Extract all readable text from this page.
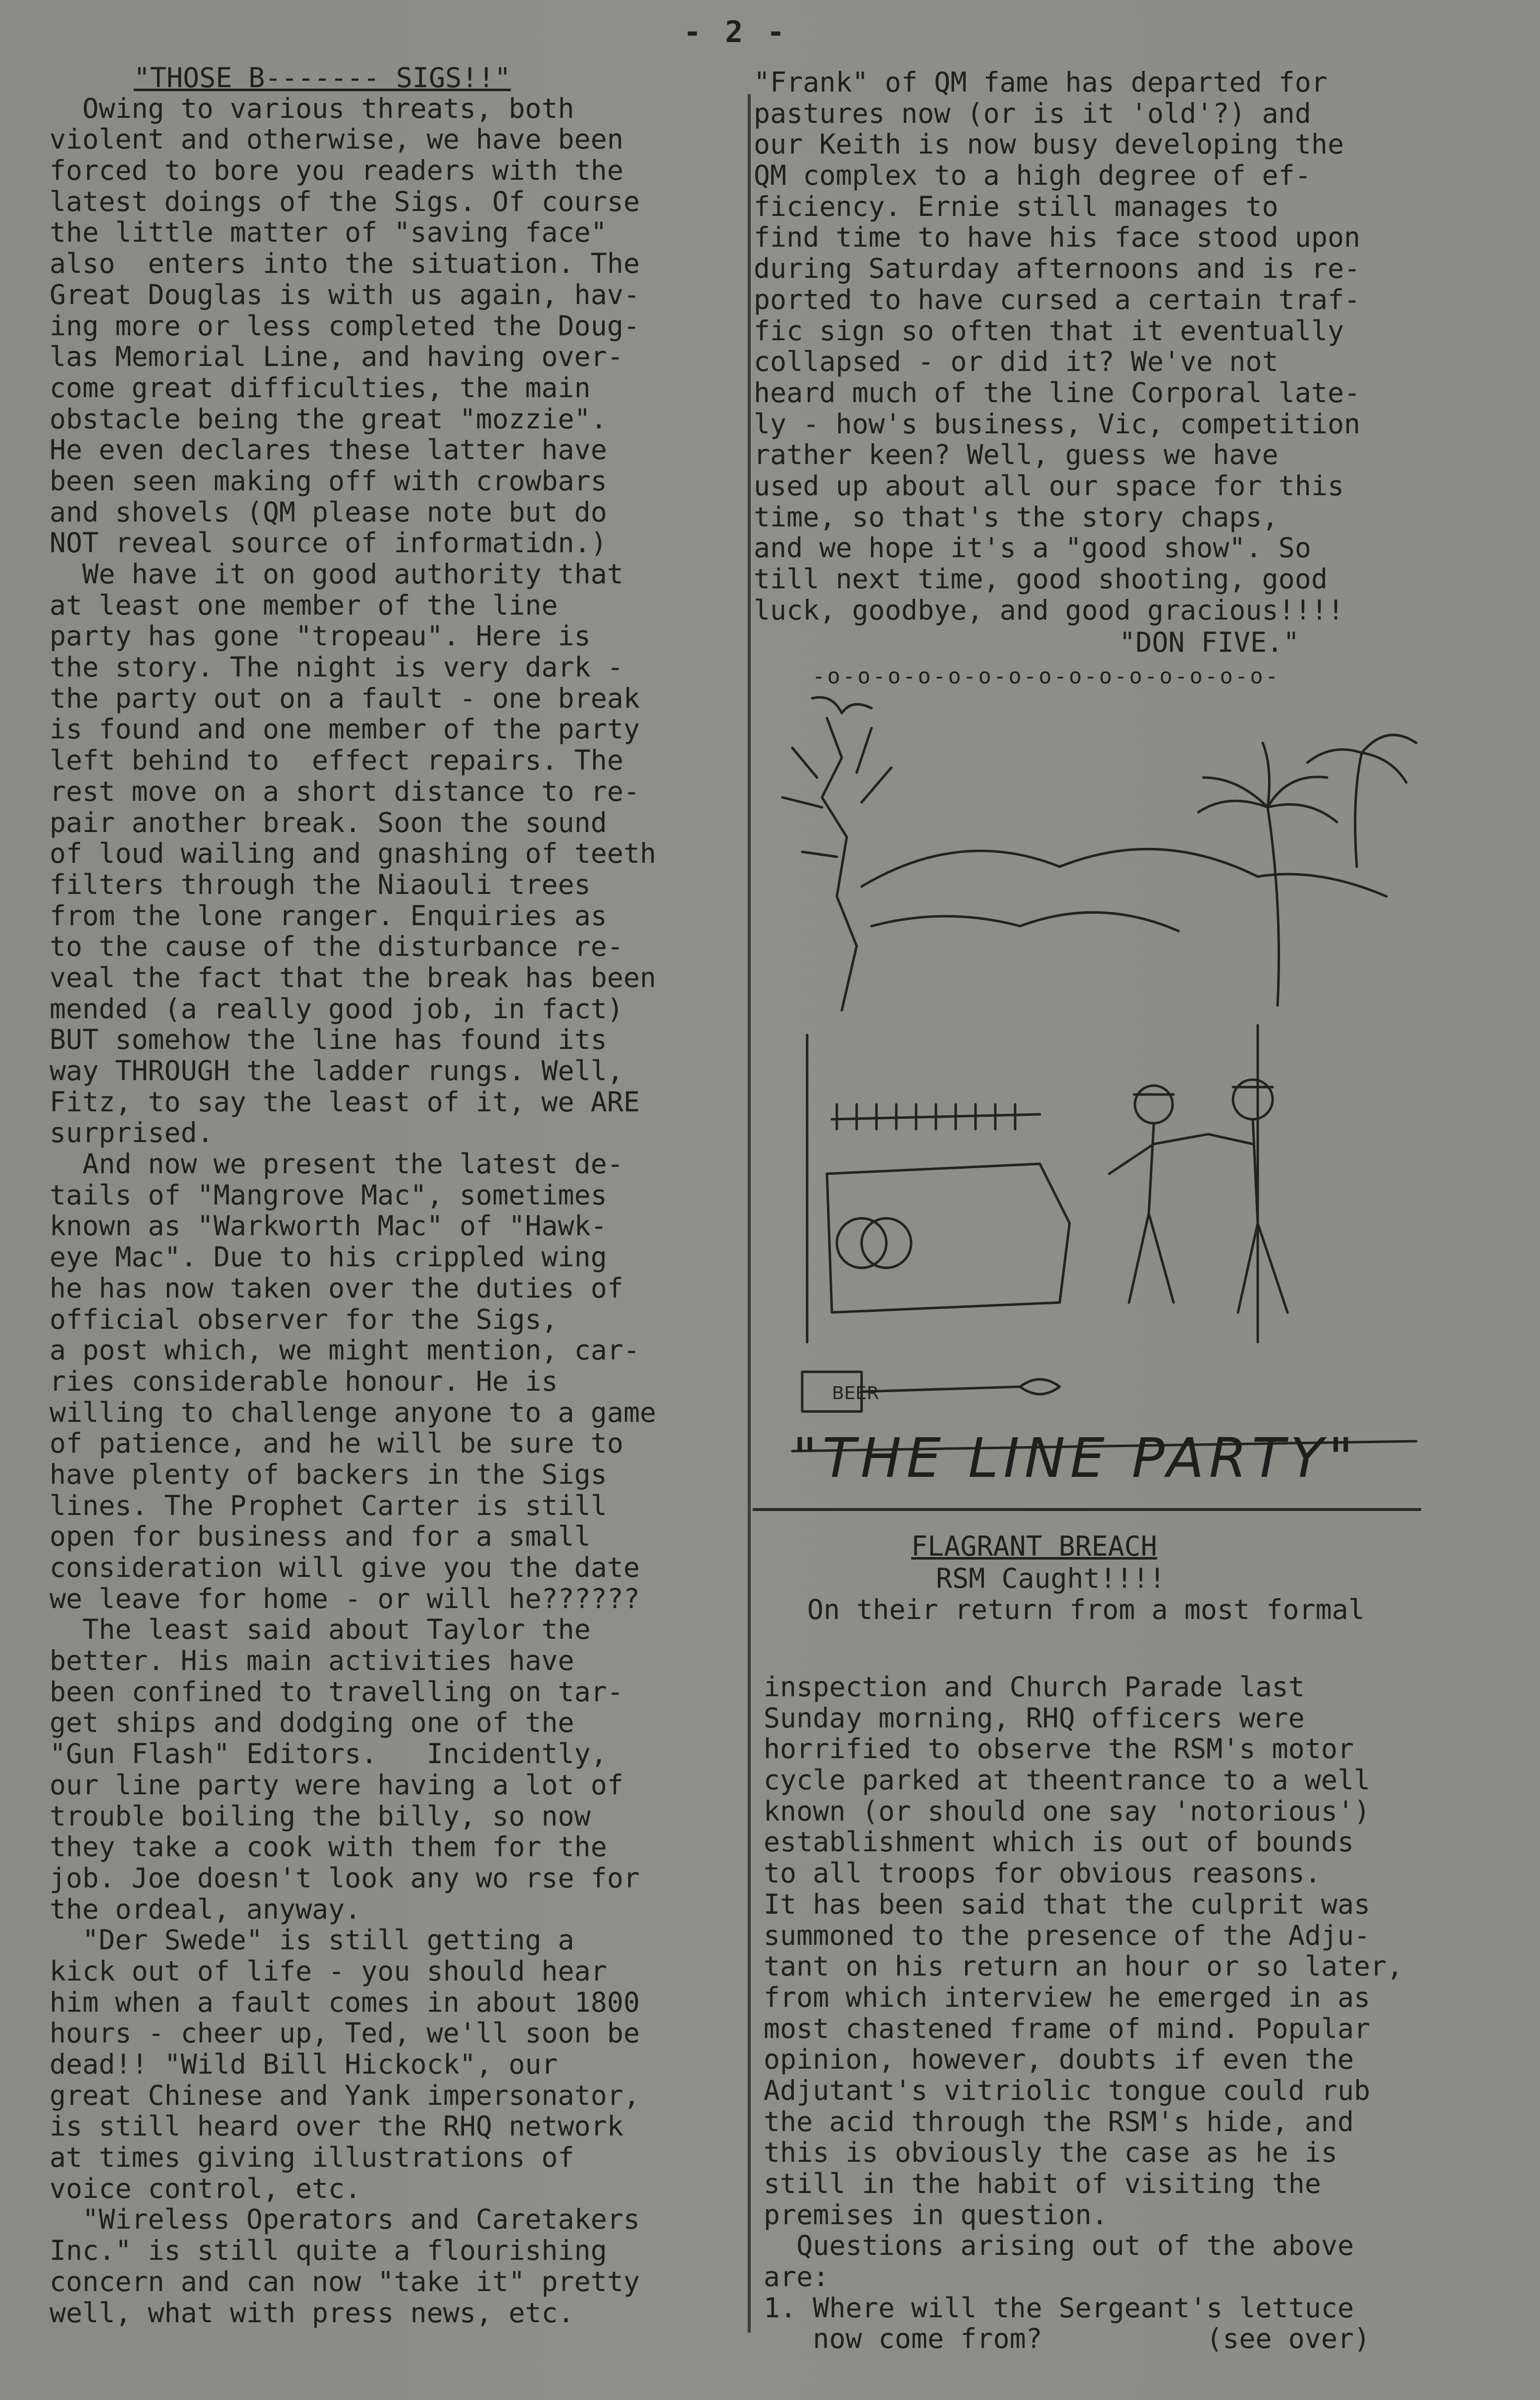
- 2 -
"THOSE B------- SIGS!!"
Owing to various threats, both
violent and otherwise, we have been
forced to bore you readers with the
latest doings of the Sigs. Of course
the little matter of "saving face"
also  enters into the situation. The
Great Douglas is with us again, hav-
ing more or less completed the Doug-
las Memorial Line, and having over-
come great difficulties, the main
obstacle being the great "mozzie".
He even declares these latter have
been seen making off with crowbars
and shovels (QM please note but do
NOT reveal source of informatidn.)
We have it on good authority that
at least one member of the line
party has gone "tropeau". Here is
the story. The night is very dark -
the party out on a fault - one break
is found and one member of the party
left behind to  effect repairs. The
rest move on a short distance to re-
pair another break. Soon the sound
of loud wailing and gnashing of teeth
filters through the Niaouli trees
from the lone ranger. Enquiries as
to the cause of the disturbance re-
veal the fact that the break has been
mended (a really good job, in fact)
BUT somehow the line has found its
way THROUGH the ladder rungs. Well,
Fitz, to say the least of it, we ARE
surprised.
And now we present the latest de-
tails of "Mangrove Mac", sometimes
known as "Warkworth Mac" of "Hawk-
eye Mac". Due to his crippled wing
he has now taken over the duties of
official observer for the Sigs,
a post which, we might mention, car-
ries considerable honour. He is
willing to challenge anyone to a game
of patience, and he will be sure to
have plenty of backers in the Sigs
lines. The Prophet Carter is still
open for business and for a small
consideration will give you the date
we leave for home - or will he??????
The least said about Taylor the
better. His main activities have
been confined to travelling on tar-
get ships and dodging one of the
"Gun Flash" Editors.   Incidently,
our line party were having a lot of
trouble boiling the billy, so now
they take a cook with them for the
job. Joe doesn't look any wo rse for
the ordeal, anyway.
"Der Swede" is still getting a
kick out of life - you should hear
him when a fault comes in about 1800
hours - cheer up, Ted, we'll soon be
dead!! "Wild Bill Hickock", our
great Chinese and Yank impersonator,
is still heard over the RHQ network
at times giving illustrations of
voice control, etc.
"Wireless Operators and Caretakers
Inc." is still quite a flourishing
concern and can now "take it" pretty
well, what with press news, etc.
"Frank" of QM fame has departed for
pastures now (or is it 'old'?) and
our Keith is now busy developing the
QM complex to a high degree of ef-
ficiency. Ernie still manages to
find time to have his face stood upon
during Saturday afternoons and is re-
ported to have cursed a certain traf-
fic sign so often that it eventually
collapsed - or did it? We've not
heard much of the line Corporal late-
ly - how's business, Vic, competition
rather keen? Well, guess we have
used up about all our space for this
time, so that's the story chaps,
and we hope it's a "good show". So
till next time, good shooting, good
luck, goodbye, and good gracious!!!!
"DON FIVE."
-o-o-o-o-o-o-o-o-o-o-o-o-o-o-o-
BEER
"THE LINE PARTY"
FLAGRANT BREACH
RSM Caught!!!!
On their return from a most formal
inspection and Church Parade last
Sunday morning, RHQ officers were
horrified to observe the RSM's motor
cycle parked at theentrance to a well
known (or should one say 'notorious')
establishment which is out of bounds
to all troops for obvious reasons.
It has been said that the culprit was
summoned to the presence of the Adju-
tant on his return an hour or so later,
from which interview he emerged in as
most chastened frame of mind. Popular
opinion, however, doubts if even the
Adjutant's vitriolic tongue could rub
the acid through the RSM's hide, and
this is obviously the case as he is
still in the habit of visiting the
premises in question.
Questions arising out of the above
are:
1. Where will the Sergeant's lettuce
now come from?          (see over)
